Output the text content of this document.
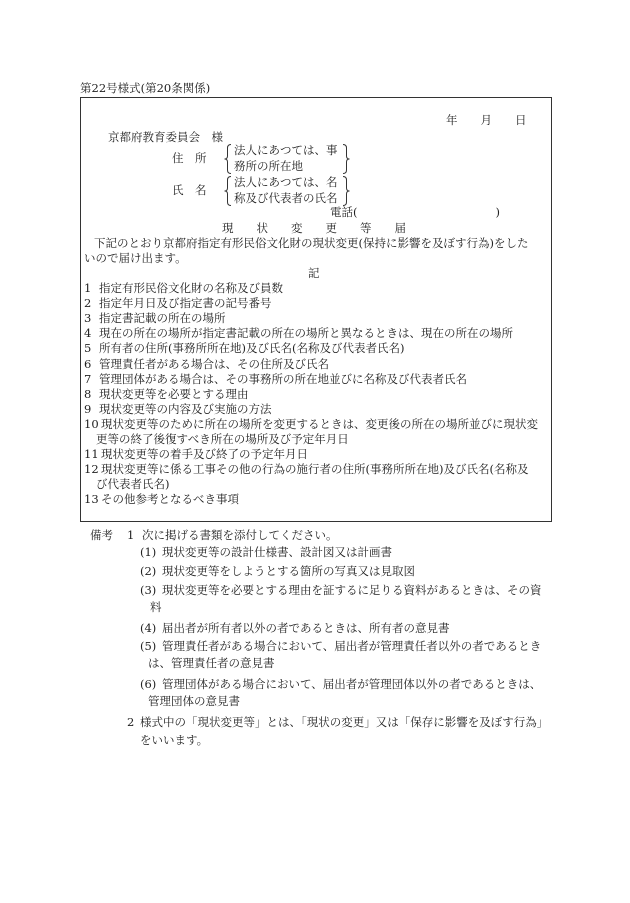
第22号様式(第20条関係)
年　　月　　日
京都府教育委員会　様
住　所
法人にあつては、事
務所の所在地
氏　名
法人にあつては、名
称及び代表者の氏名
電話(　　　　　　　　　　　　)
現　　状　　変　　更　　等　　届
下記のとおり京都府指定有形民俗文化財の現状変更(保持に影響を及ぼす行為)をした
いので届け出ます。
記
1 指定有形民俗文化財の名称及び員数
2 指定年月日及び指定書の記号番号
3 指定書記載の所在の場所
4 現在の所在の場所が指定書記載の所在の場所と異なるときは、現在の所在の場所
5 所有者の住所(事務所所在地)及び氏名(名称及び代表者氏名)
6 管理責任者がある場合は、その住所及び氏名
7 管理団体がある場合は、その事務所の所在地並びに名称及び代表者氏名
8 現状変更等を必要とする理由
9 現状変更等の内容及び実施の方法
10 現状変更等のために所在の場所を変更するときは、変更後の所在の場所並びに現状変
更等の終了後復すべき所在の場所及び予定年月日
11 現状変更等の着手及び終了の予定年月日
12 現状変更等に係る工事その他の行為の施行者の住所(事務所所在地)及び氏名(名称及
び代表者氏名)
13 その他参考となるべき事項
備考 1 次に掲げる書類を添付してください。
(1) 現状変更等の設計仕様書、設計図又は計画書
(2) 現状変更等をしようとする箇所の写真又は見取図
(3) 現状変更等を必要とする理由を証するに足りる資料があるときは、その資
料
(4) 届出者が所有者以外の者であるときは、所有者の意見書
(5) 管理責任者がある場合において、届出者が管理責任者以外の者であるとき
は、管理責任者の意見書
(6) 管理団体がある場合において、届出者が管理団体以外の者であるときは、
管理団体の意見書
2 様式中の「現状変更等」とは、「現状の変更」又は「保存に影響を及ぼす行為」
をいいます。
